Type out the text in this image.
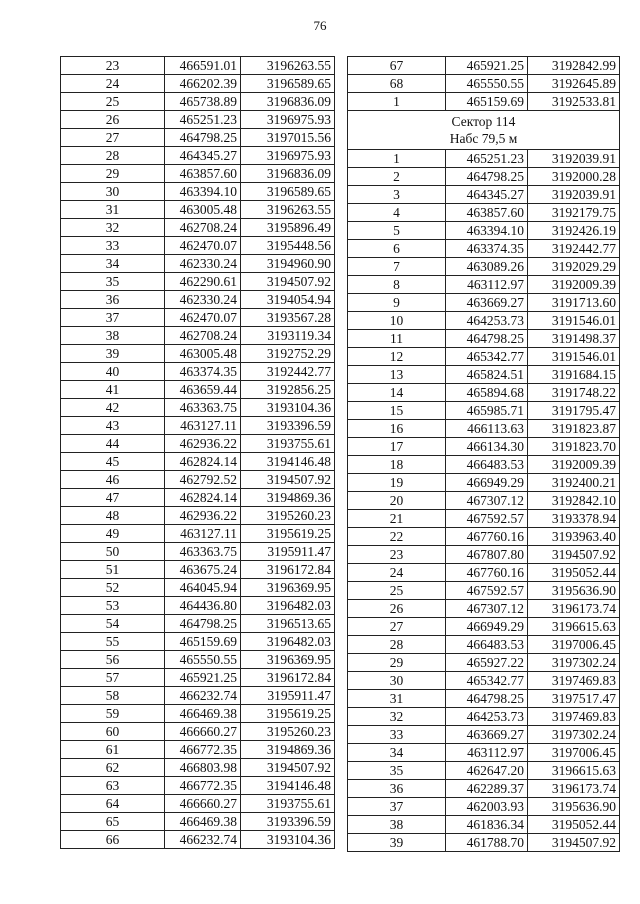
76
23	466591.01	3196263.55
24	466202.39	3196589.65
25	465738.89	3196836.09
26	465251.23	3196975.93
27	464798.25	3197015.56
28	464345.27	3196975.93
29	463857.60	3196836.09
30	463394.10	3196589.65
31	463005.48	3196263.55
32	462708.24	3195896.49
33	462470.07	3195448.56
34	462330.24	3194960.90
35	462290.61	3194507.92
36	462330.24	3194054.94
37	462470.07	3193567.28
38	462708.24	3193119.34
39	463005.48	3192752.29
40	463374.35	3192442.77
41	463659.44	3192856.25
42	463363.75	3193104.36
43	463127.11	3193396.59
44	462936.22	3193755.61
45	462824.14	3194146.48
46	462792.52	3194507.92
47	462824.14	3194869.36
48	462936.22	3195260.23
49	463127.11	3195619.25
50	463363.75	3195911.47
51	463675.24	3196172.84
52	464045.94	3196369.95
53	464436.80	3196482.03
54	464798.25	3196513.65
55	465159.69	3196482.03
56	465550.55	3196369.95
57	465921.25	3196172.84
58	466232.74	3195911.47
59	466469.38	3195619.25
60	466660.27	3195260.23
61	466772.35	3194869.36
62	466803.98	3194507.92
63	466772.35	3194146.48
64	466660.27	3193755.61
65	466469.38	3193396.59
66	466232.74	3193104.36
67	465921.25	3192842.99
68	465550.55	3192645.89
1	465159.69	3192533.81

Сектор 114
Набс 79,5 м		

1	465251.23	3192039.91
2	464798.25	3192000.28
3	464345.27	3192039.91
4	463857.60	3192179.75
5	463394.10	3192426.19
6	463374.35	3192442.77
7	463089.26	3192029.29
8	463112.97	3192009.39
9	463669.27	3191713.60
10	464253.73	3191546.01
11	464798.25	3191498.37
12	465342.77	3191546.01
13	465824.51	3191684.15
14	465894.68	3191748.22
15	465985.71	3191795.47
16	466113.63	3191823.87
17	466134.30	3191823.70
18	466483.53	3192009.39
19	466949.29	3192400.21
20	467307.12	3192842.10
21	467592.57	3193378.94
22	467760.16	3193963.40
23	467807.80	3194507.92
24	467760.16	3195052.44
25	467592.57	3195636.90
26	467307.12	3196173.74
27	466949.29	3196615.63
28	466483.53	3197006.45
29	465927.22	3197302.24
30	465342.77	3197469.83
31	464798.25	3197517.47
32	464253.73	3197469.83
33	463669.27	3197302.24
34	463112.97	3197006.45
35	462647.20	3196615.63
36	462289.37	3196173.74
37	462003.93	3195636.90
38	461836.34	3195052.44
39	461788.70	3194507.92
